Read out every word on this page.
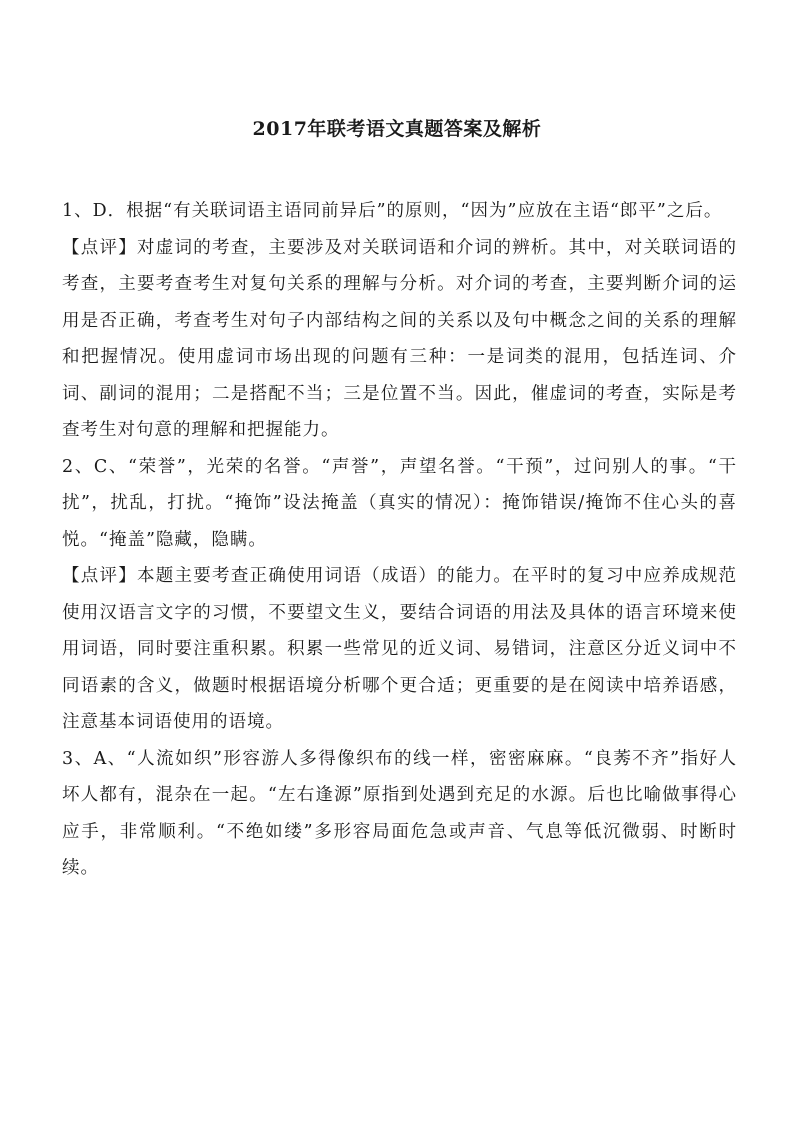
2017年联考语文真题答案及解析

1、D．根据“有关联词语主语同前异后”的原则，“因为”应放在主语“郎平”之后。

【点评】对虚词的考查，主要涉及对关联词语和介词的辨析。其中，对关联词语的考查，主要考查考生对复句关系的理解与分析。对介词的考查，主要判断介词的运用是否正确，考查考生对句子内部结构之间的关系以及句中概念之间的关系的理解和把握情况。使用虚词市场出现的问题有三种：一是词类的混用，包括连词、介词、副词的混用；二是搭配不当；三是位置不当。因此，催虚词的考查，实际是考查考生对句意的理解和把握能力。

2、C、“荣誉”，光荣的名誉。“声誉”，声望名誉。“干预”，过问别人的事。“干扰”，扰乱，打扰。“掩饰”设法掩盖（真实的情况）：掩饰错误/掩饰不住心头的喜悦。“掩盖”隐藏，隐瞒。

【点评】本题主要考查正确使用词语（成语）的能力。在平时的复习中应养成规范使用汉语言文字的习惯，不要望文生义，要结合词语的用法及具体的语言环境来使用词语，同时要注重积累。积累一些常见的近义词、易错词，注意区分近义词中不同语素的含义，做题时根据语境分析哪个更合适；更重要的是在阅读中培养语感，注意基本词语使用的语境。

3、A、“人流如织”形容游人多得像织布的线一样，密密麻麻。“良莠不齐”指好人坏人都有，混杂在一起。“左右逢源”原指到处遇到充足的水源。后也比喻做事得心应手，非常顺利。“不绝如缕”多形容局面危急或声音、气息等低沉微弱、时断时续。
